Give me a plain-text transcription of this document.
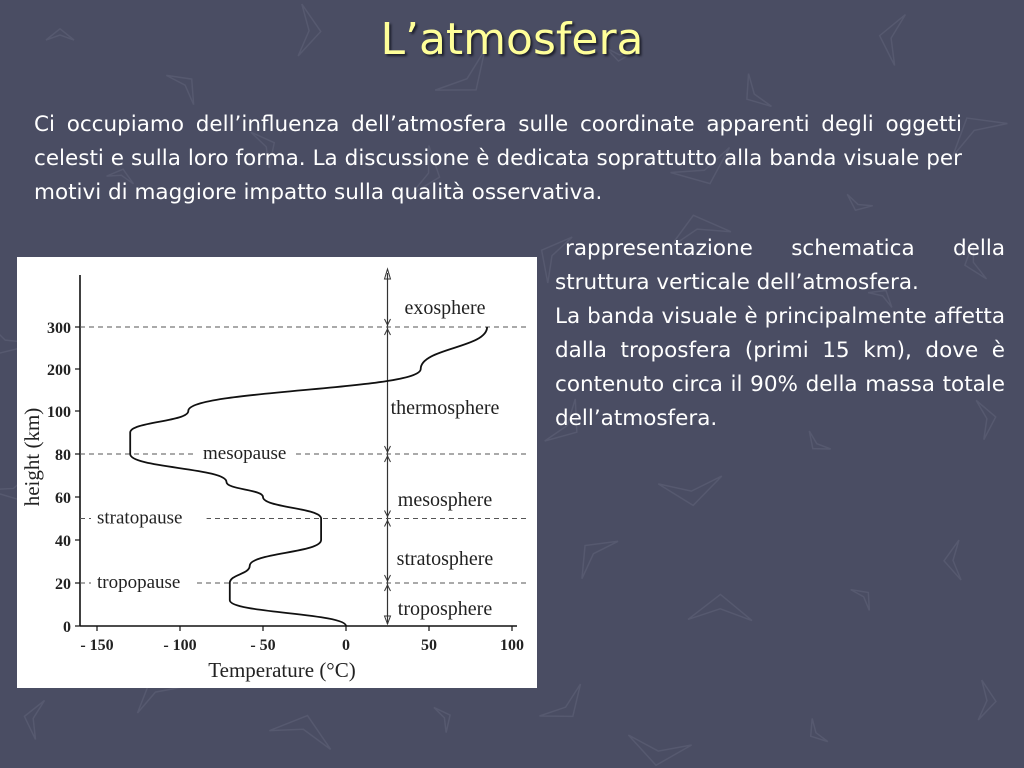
L’atmosfera

Ci occupiamo dell’influenza dell’atmosfera sulle coordinate apparenti degli oggetti celesti e sulla loro forma. La discussione è dedicata soprattutto alla banda visuale per motivi di maggiore impatto sulla qualità osservativa.

0
20
40
60
80
100
200
300
- 150	- 100	- 50	0	50	100
tropopause
stratopause
mesopause
troposphere
stratosphere
mesosphere
thermosphere
exosphere
Temperature (°C)
height (km)
rappresentazione schematica della struttura verticale dell’atmosfera.
La banda visuale è principalmente affetta dalla troposfera (primi 15 km), dove è contenuto circa il 90% della massa totale dell’atmosfera.
